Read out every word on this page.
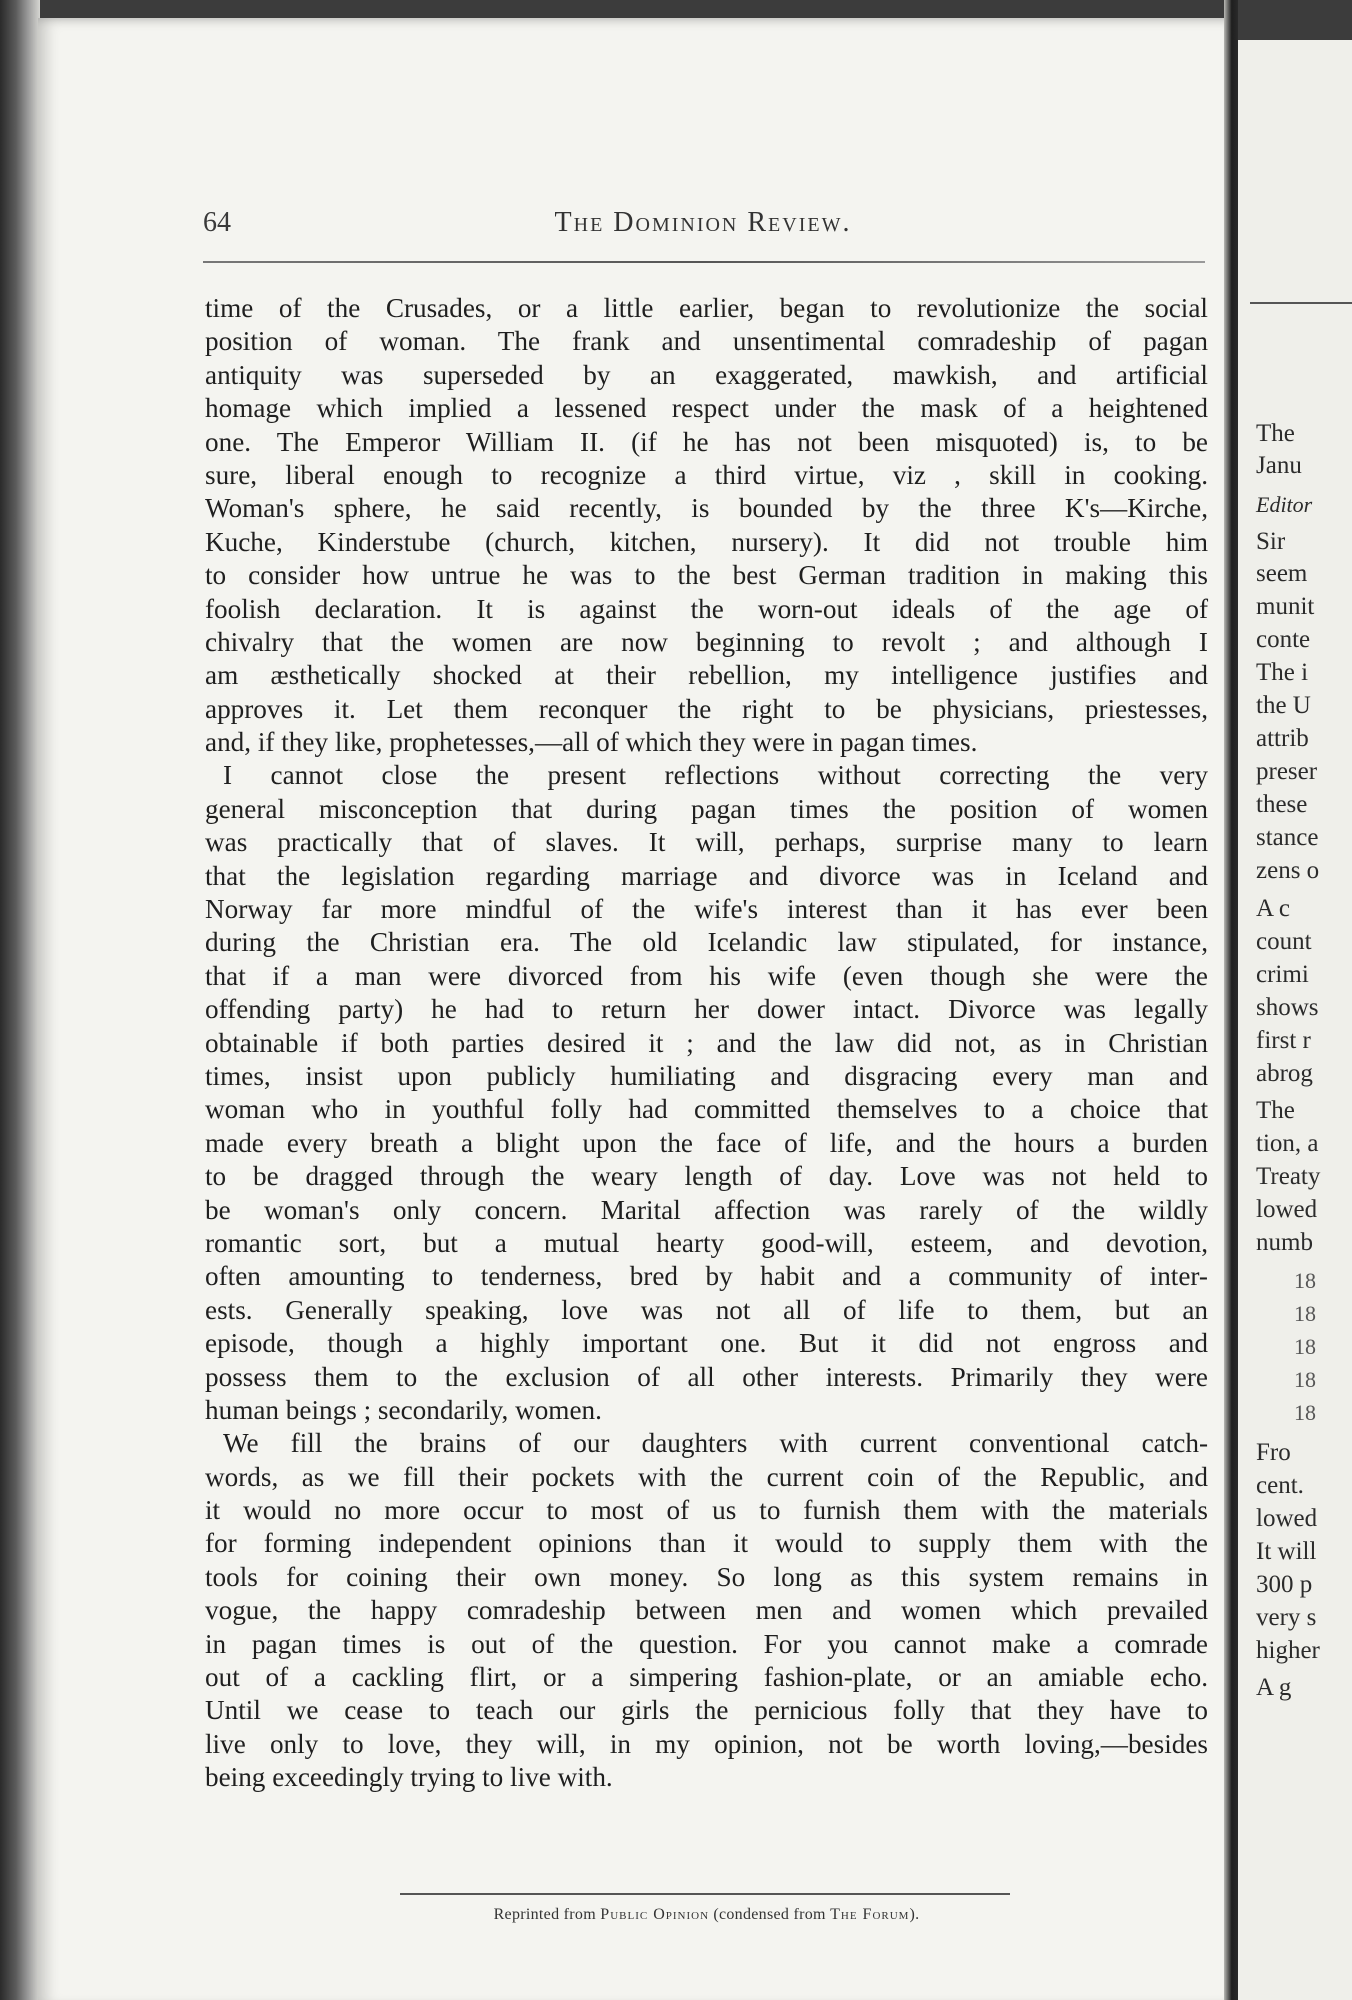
64	The Dominion Review.
time of the Crusades, or a little earlier, began to revolutionize the social
position of woman. The frank and unsentimental comradeship of pagan
antiquity was superseded by an exaggerated, mawkish, and artificial
homage which implied a lessened respect under the mask of a heightened
one. The Emperor William II. (if he has not been misquoted) is, to be
sure, liberal enough to recognize a third virtue, viz , skill in cooking.
Woman's sphere, he said recently, is bounded by the three K's—Kirche,
Kuche, Kinderstube (church, kitchen, nursery). It did not trouble him
to consider how untrue he was to the best German tradition in making this
foolish declaration. It is against the worn-out ideals of the age of
chivalry that the women are now beginning to revolt ; and although I
am æsthetically shocked at their rebellion, my intelligence justifies and
approves it. Let them reconquer the right to be physicians, priestesses,
and, if they like, prophetesses,—all of which they were in pagan times.
I cannot close the present reflections without correcting the very
general misconception that during pagan times the position of women
was practically that of slaves. It will, perhaps, surprise many to learn
that the legislation regarding marriage and divorce was in Iceland and
Norway far more mindful of the wife's interest than it has ever been
during the Christian era. The old Icelandic law stipulated, for instance,
that if a man were divorced from his wife (even though she were the
offending party) he had to return her dower intact. Divorce was legally
obtainable if both parties desired it ; and the law did not, as in Christian
times, insist upon publicly humiliating and disgracing every man and
woman who in youthful folly had committed themselves to a choice that
made every breath a blight upon the face of life, and the hours a burden
to be dragged through the weary length of day. Love was not held to
be woman's only concern. Marital affection was rarely of the wildly
romantic sort, but a mutual hearty good-will, esteem, and devotion,
often amounting to tenderness, bred by habit and a community of inter-
ests. Generally speaking, love was not all of life to them, but an
episode, though a highly important one. But it did not engross and
possess them to the exclusion of all other interests. Primarily they were
human beings ; secondarily, women.
We fill the brains of our daughters with current conventional catch-
words, as we fill their pockets with the current coin of the Republic, and
it would no more occur to most of us to furnish them with the materials
for forming independent opinions than it would to supply them with the
tools for coining their own money. So long as this system remains in
vogue, the happy comradeship between men and women which prevailed
in pagan times is out of the question. For you cannot make a comrade
out of a cackling flirt, or a simpering fashion-plate, or an amiable echo.
Until we cease to teach our girls the pernicious folly that they have to
live only to love, they will, in my opinion, not be worth loving,—besides
being exceedingly trying to live with.
Reprinted from Public Opinion (condensed from The Forum).
The
Janu
Editor
Sir
seem
munit
conte
The i
the U
attrib
preser
these
stance
zens o
A c
count
crimi
shows
first r
abrog
The
tion, a
Treaty
lowed
numb
18
18
18
18
18
Fro
cent.
lowed
It will
300 p
very s
higher
A g
